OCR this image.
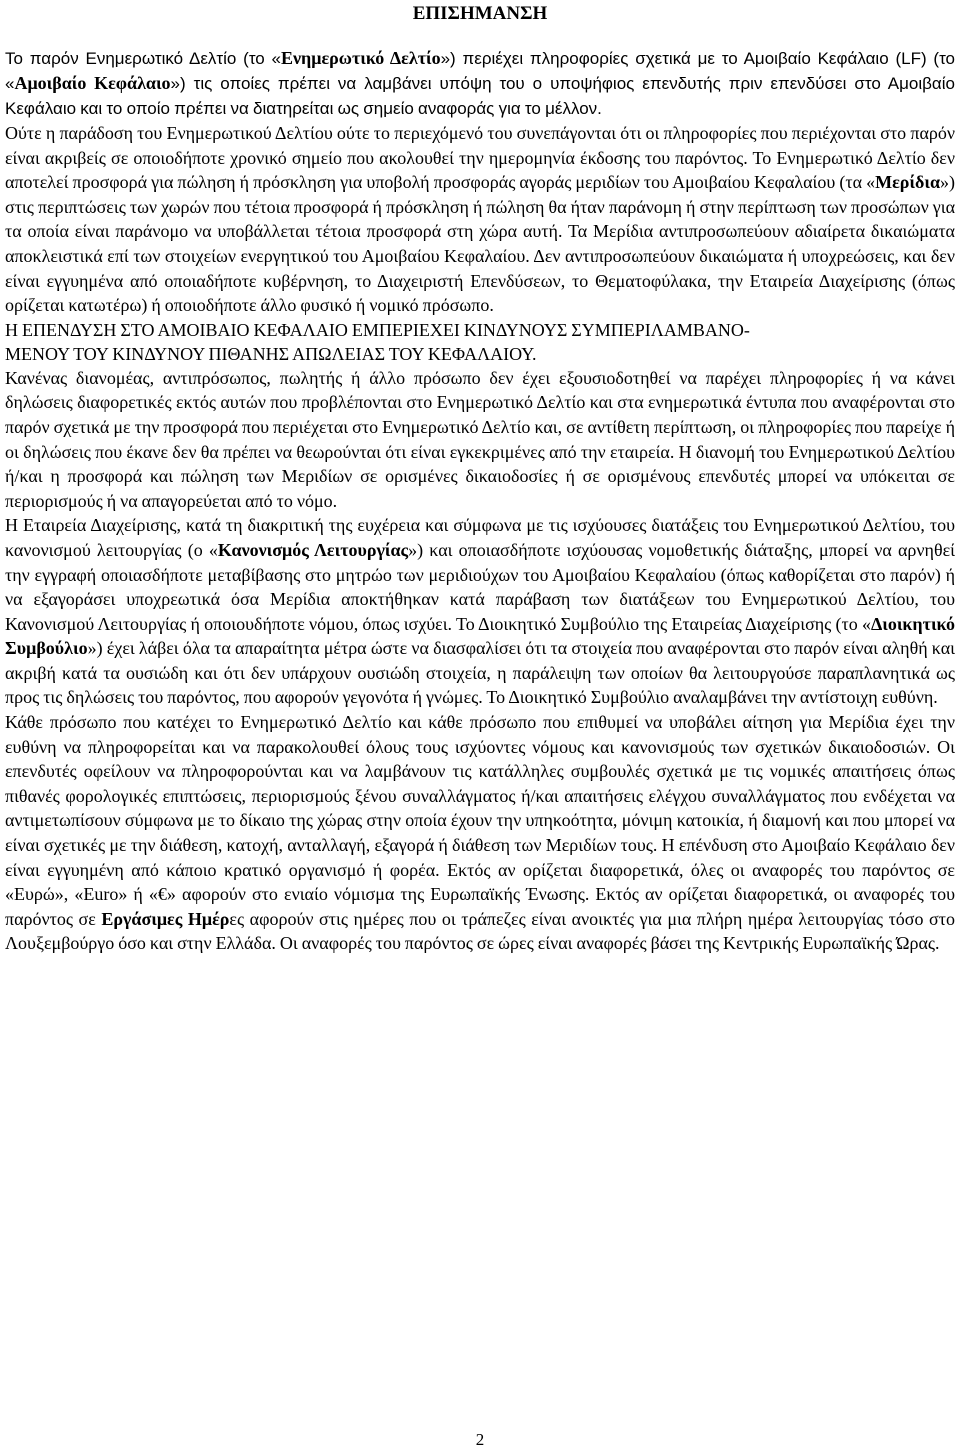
ΕΠΙΣΗΜΑΝΣΗ

Το παρόν Ενημερωτικό Δελτίο (το «Ενημερωτικό Δελτίο») περιέχει πληροφορίες σχετικά με το Αμοιβαίο Κεφάλαιο (LF) (το «Αμοιβαίο Κεφάλαιο») τις οποίες πρέπει να λαμβάνει υπόψη του ο υποψήφιος επενδυτής πριν επενδύσει στο Αμοιβαίο Κεφάλαιο και το οποίο πρέπει να διατηρείται ως σημείο αναφοράς για το μέλλον.

Ούτε η παράδοση του Ενημερωτικού Δελτίου ούτε το περιεχόμενό του συνεπάγονται ότι οι πληροφορίες που περιέχονται στο παρόν είναι ακριβείς σε οποιοδήποτε χρονικό σημείο που ακολουθεί την ημερομηνία έκδοσης του παρόντος. Το Ενημερωτικό Δελτίο δεν αποτελεί προσφορά για πώληση ή πρόσκληση για υποβολή προσφοράς αγοράς μεριδίων του Αμοιβαίου Κεφαλαίου (τα «Μερίδια») στις περιπτώσεις των χωρών που τέτοια προσφορά ή πρόσκληση ή πώληση θα ήταν παράνομη ή στην περίπτωση των προσώπων για τα οποία είναι παράνομο να υποβάλλεται τέτοια προσφορά στη χώρα αυτή. Τα Μερίδια αντιπροσωπεύουν αδιαίρετα δικαιώματα αποκλειστικά επί των στοιχείων ενεργητικού του Αμοιβαίου Κεφαλαίου. Δεν αντιπροσωπεύουν δικαιώματα ή υποχρεώσεις, και δεν είναι εγγυημένα από οποιαδήποτε κυβέρνηση, το Διαχειριστή Επενδύσεων, το Θεματοφύλακα, την Εταιρεία Διαχείρισης (όπως ορίζεται κατωτέρω) ή οποιοδήποτε άλλο φυσικό ή νομικό πρόσωπο.

Η ΕΠΕΝΔΥΣΗ ΣΤΟ ΑΜΟΙΒΑΙΟ ΚΕΦΑΛΑΙΟ ΕΜΠΕΡΙΕΧΕΙ ΚΙΝΔΥΝΟΥΣ ΣΥΜΠΕΡΙΛΑΜΒΑΝΟ-
ΜΕΝΟΥ ΤΟΥ ΚΙΝΔΥΝΟΥ ΠΙΘΑΝΗΣ ΑΠΩΛΕΙΑΣ ΤΟΥ ΚΕΦΑΛΑΙΟΥ.

Κανένας διανομέας, αντιπρόσωπος, πωλητής ή άλλο πρόσωπο δεν έχει εξουσιοδοτηθεί να παρέχει πληροφορίες ή να κάνει δηλώσεις διαφορετικές εκτός αυτών που προβλέπονται στο Ενημερωτικό Δελτίο και στα ενημερωτικά έντυπα που αναφέρονται στο παρόν σχετικά με την προσφορά που περιέχεται στο Ενημερωτικό Δελτίο και, σε αντίθετη περίπτωση, οι πληροφορίες που παρείχε ή οι δηλώσεις που έκανε δεν θα πρέπει να θεωρούνται ότι είναι εγκεκριμένες από την εταιρεία. Η διανομή του Ενημερωτικού Δελτίου ή/και η προσφορά και πώληση των Μεριδίων σε ορισμένες δικαιοδοσίες ή σε ορισμένους επενδυτές μπορεί να υπόκειται σε περιορισμούς ή να απαγορεύεται από το νόμο.

Η Εταιρεία Διαχείρισης, κατά τη διακριτική της ευχέρεια και σύμφωνα με τις ισχύουσες διατάξεις του Ενημερωτικού Δελτίου, του κανονισμού λειτουργίας (ο «Κανονισμός Λειτουργίας») και οποιασδήποτε ισχύουσας νομοθετικής διάταξης, μπορεί να αρνηθεί την εγγραφή οποιασδήποτε μεταβίβασης στο μητρώο των μεριδιούχων του Αμοιβαίου Κεφαλαίου (όπως καθορίζεται στο παρόν) ή να εξαγοράσει υποχρεωτικά όσα Μερίδια αποκτήθηκαν κατά παράβαση των διατάξεων του Ενημερωτικού Δελτίου, του Κανονισμού Λειτουργίας ή οποιουδήποτε νόμου, όπως ισχύει. Το Διοικητικό Συμβούλιο της Εταιρείας Διαχείρισης (το «Διοικητικό Συμβούλιο») έχει λάβει όλα τα απαραίτητα μέτρα ώστε να διασφαλίσει ότι τα στοιχεία που αναφέρονται στο παρόν είναι αληθή και ακριβή κατά τα ουσιώδη και ότι δεν υπάρχουν ουσιώδη στοιχεία, η παράλειψη των οποίων θα λειτουργούσε παραπλανητικά ως προς τις δηλώσεις του παρόντος, που αφορούν γεγονότα ή γνώμες. Το Διοικητικό Συμβούλιο αναλαμβάνει την αντίστοιχη ευθύνη.

Κάθε πρόσωπο που κατέχει το Ενημερωτικό Δελτίο και κάθε πρόσωπο που επιθυμεί να υποβάλει αίτηση για Μερίδια έχει την ευθύνη να πληροφορείται και να παρακολουθεί όλους τους ισχύοντες νόμους και κανονισμούς των σχετικών δικαιοδοσιών. Οι επενδυτές οφείλουν να πληροφορούνται και να λαμβάνουν τις κατάλληλες συμβουλές σχετικά με τις νομικές απαιτήσεις όπως πιθανές φορολογικές επιπτώσεις, περιορισμούς ξένου συναλλάγματος ή/και απαιτήσεις ελέγχου συναλλάγματος που ενδέχεται να αντιμετωπίσουν σύμφωνα με το δίκαιο της χώρας στην οποία έχουν την υπηκοότητα, μόνιμη κατοικία, ή διαμονή και που μπορεί να είναι σχετικές με την διάθεση, κατοχή, ανταλλαγή, εξαγορά ή διάθεση των Μεριδίων τους. Η επένδυση στο Αμοιβαίο Κεφάλαιο δεν είναι εγγυημένη από κάποιο κρατικό οργανισμό ή φορέα. Εκτός αν ορίζεται διαφορετικά, όλες οι αναφορές του παρόντος σε «Ευρώ», «Euro» ή «€» αφορούν στο ενιαίο νόμισμα της Ευρωπαϊκής Ένωσης. Εκτός αν ορίζεται διαφορετικά, οι αναφορές του παρόντος σε Εργάσιμες Ημέρες αφορούν στις ημέρες που οι τράπεζες είναι ανοικτές για μια πλήρη ημέρα λειτουργίας τόσο στο Λουξεμβούργο όσο και στην Ελλάδα. Οι αναφορές του παρόντος σε ώρες είναι αναφορές βάσει της Κεντρικής Ευρωπαϊκής Ώρας.

2
